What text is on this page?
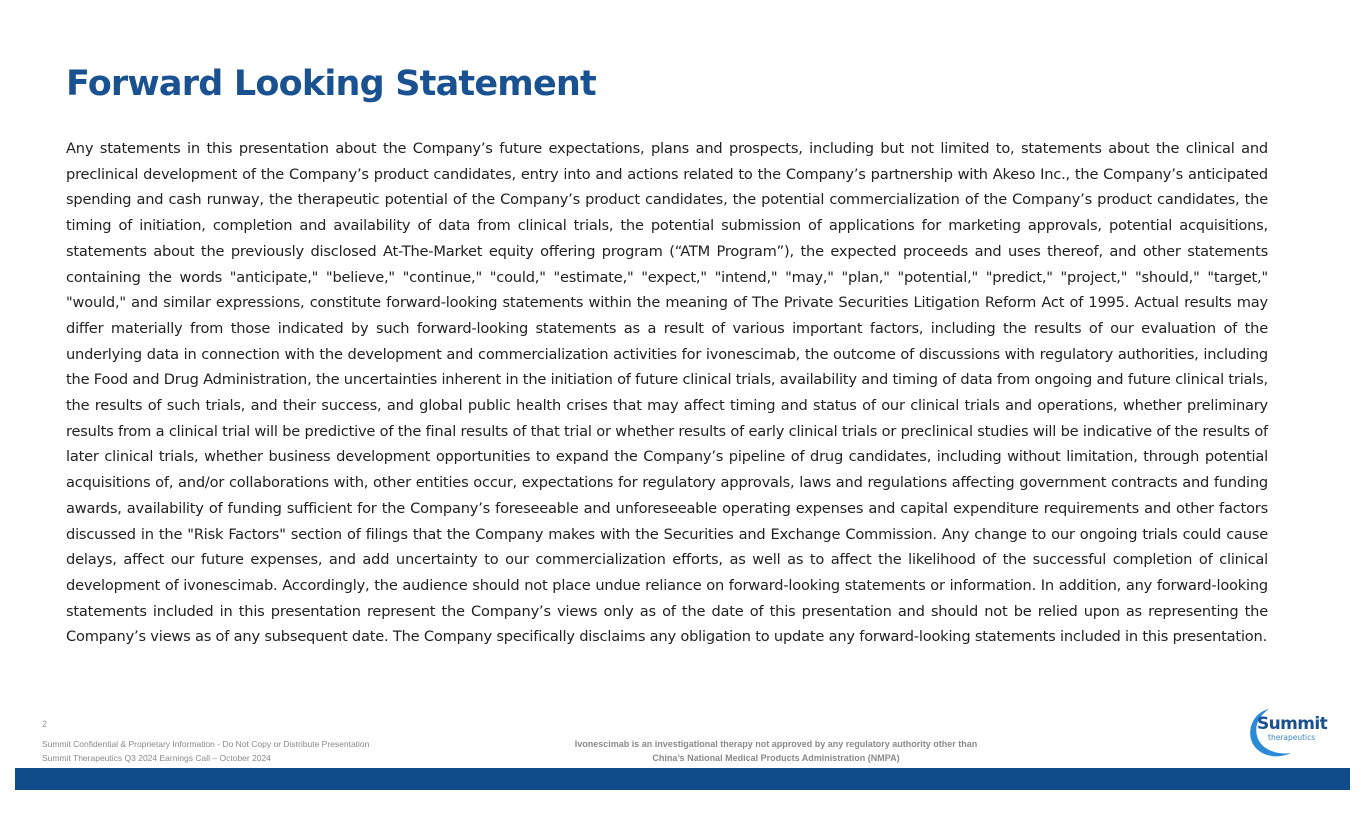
Forward Looking Statement

Any statements in this presentation about the Company’s future expectations, plans and prospects, including but not limited to, statements about the clinical and preclinical development of the Company’s product candidates, entry into and actions related to the Company’s partnership with Akeso Inc., the Company’s anticipated spending and cash runway, the therapeutic potential of the Company’s product candidates, the potential commercialization of the Company’s product candidates, the timing of initiation, completion and availability of data from clinical trials, the potential submission of applications for marketing approvals, potential acquisitions, statements about the previously disclosed At-The-Market equity offering program (“ATM Program”), the expected proceeds and uses thereof, and other statements containing the words "anticipate," "believe," "continue," "could," "estimate," "expect," "intend," "may," "plan," "potential," "predict," "project," "should," "target," "would," and similar expressions, constitute forward-looking statements within the meaning of The Private Securities Litigation Reform Act of 1995. Actual results may differ materially from those indicated by such forward-looking statements as a result of various important factors, including the results of our evaluation of the underlying data in connection with the development and commercialization activities for ivonescimab, the outcome of discussions with regulatory authorities, including the Food and Drug Administration, the uncertainties inherent in the initiation of future clinical trials, availability and timing of data from ongoing and future clinical trials, the results of such trials, and their success, and global public health crises that may affect timing and status of our clinical trials and operations, whether preliminary results from a clinical trial will be predictive of the final results of that trial or whether results of early clinical trials or preclinical studies will be indicative of the results of later clinical trials, whether business development opportunities to expand the Company’s pipeline of drug candidates, including without limitation, through potential acquisitions of, and/or collaborations with, other entities occur, expectations for regulatory approvals, laws and regulations affecting government contracts and funding awards, availability of funding sufficient for the Company’s foreseeable and unforeseeable operating expenses and capital expenditure requirements and other factors discussed in the "Risk Factors" section of filings that the Company makes with the Securities and Exchange Commission. Any change to our ongoing trials could cause delays, affect our future expenses, and add uncertainty to our commercialization efforts, as well as to affect the likelihood of the successful completion of clinical development of ivonescimab. Accordingly, the audience should not place undue reliance on forward-looking statements or information. In addition, any forward-looking statements included in this presentation represent the Company’s views only as of the date of this presentation and should not be relied upon as representing the Company’s views as of any subsequent date. The Company specifically disclaims any obligation to update any forward-looking statements included in this presentation.

2
Summit Confidential & Proprietary Information - Do Not Copy or Distribute Presentation
Summit Therapeutics Q3 2024 Earnings Call – October 2024
Ivonescimab is an investigational therapy not approved by any regulatory authority other than
China’s National Medical Products Administration (NMPA)
Summit
therapeutics
